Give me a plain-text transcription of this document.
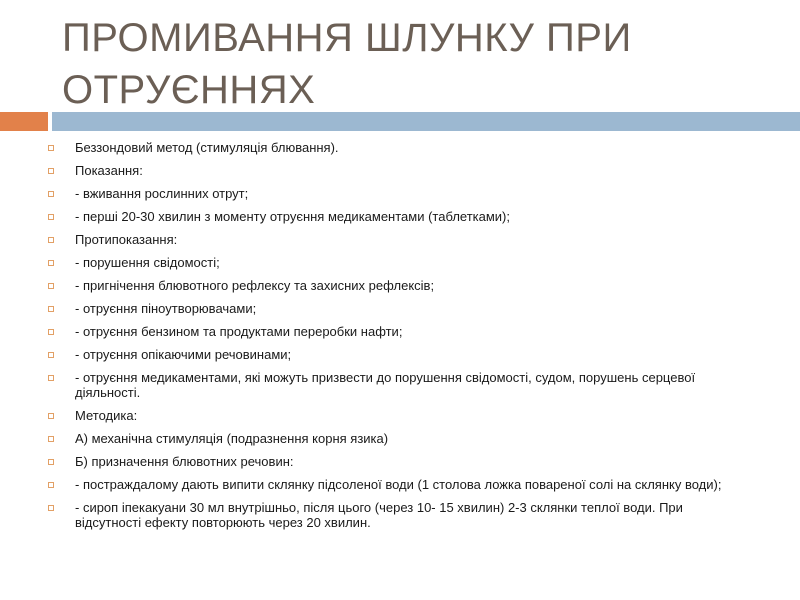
ПРОМИВАННЯ ШЛУНКУ ПРИ ОТРУЄННЯХ
Беззондовий метод (стимуляція блювання).
Показання:
- вживання рослинних отрут;
- перші 20-30 хвилин з моменту отруєння медикаментами (таблетками);
Протипоказання:
- порушення свідомості;
- пригнічення блювотного рефлексу та захисних рефлексів;
- отруєння піноутворювачами;
- отруєння бензином та продуктами переробки нафти;
- отруєння опікаючими речовинами;
- отруєння медикаментами, які можуть призвести до порушення свідомості, судом, порушень серцевої діяльності.
Методика:
А) механічна стимуляція (подразнення корня язика)
Б) призначення блювотних речовин:
- постраждалому дають випити склянку підсоленої води (1 столова ложка повареної солі на склянку води);
- сироп іпекакуани 30 мл внутрішньо, після цього (через 10- 15 хвилин) 2-3 склянки теплої води. При відсутності ефекту повторюють через 20 хвилин.
